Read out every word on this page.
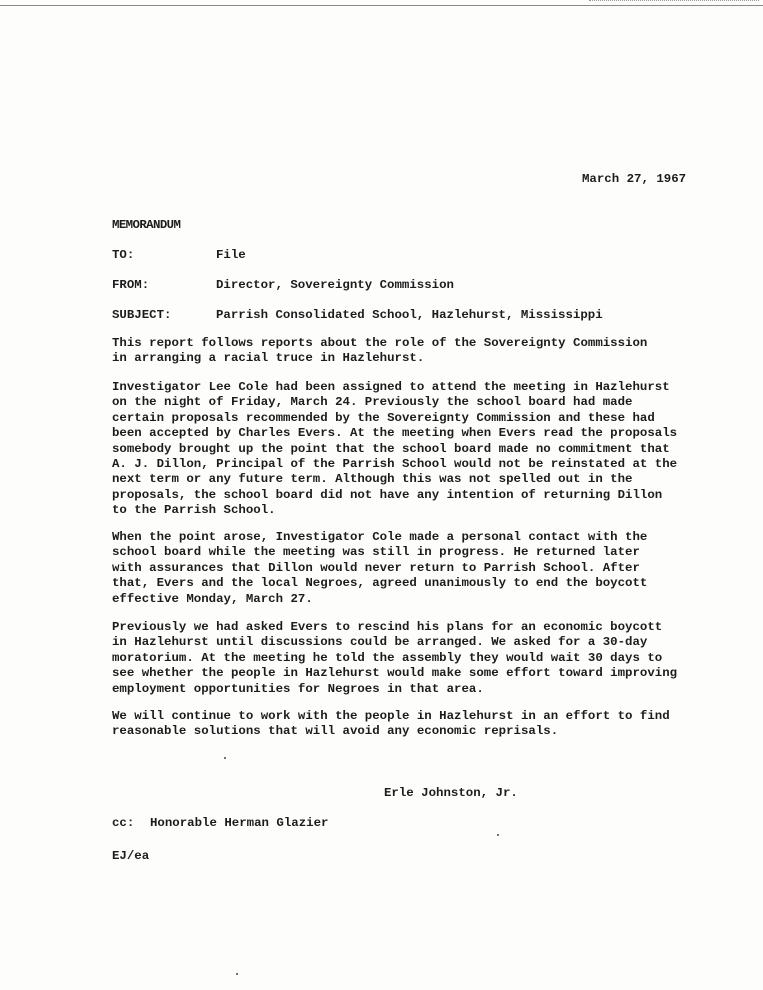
March 27, 1967
MEMORANDUM
TO:	File
FROM:	Director, Sovereignty Commission
SUBJECT:	Parrish Consolidated School, Hazlehurst, Mississippi
This report follows reports about the role of the Sovereignty Commission
in arranging a racial truce in Hazlehurst.
Investigator Lee Cole had been assigned to attend the meeting in Hazlehurst
on the night of Friday, March 24. Previously the school board had made
certain proposals recommended by the Sovereignty Commission and these had
been accepted by Charles Evers. At the meeting when Evers read the proposals
somebody brought up the point that the school board made no commitment that
A. J. Dillon, Principal of the Parrish School would not be reinstated at the
next term or any future term. Although this was not spelled out in the
proposals, the school board did not have any intention of returning Dillon
to the Parrish School.
When the point arose, Investigator Cole made a personal contact with the
school board while the meeting was still in progress. He returned later
with assurances that Dillon would never return to Parrish School. After
that, Evers and the local Negroes, agreed unanimously to end the boycott
effective Monday, March 27.
Previously we had asked Evers to rescind his plans for an economic boycott
in Hazlehurst until discussions could be arranged. We asked for a 30-day
moratorium. At the meeting he told the assembly they would wait 30 days to
see whether the people in Hazlehurst would make some effort toward improving
employment opportunities for Negroes in that area.
We will continue to work with the people in Hazlehurst in an effort to find
reasonable solutions that will avoid any economic reprisals.
Erle Johnston, Jr.
cc: Honorable Herman Glazier
EJ/ea
